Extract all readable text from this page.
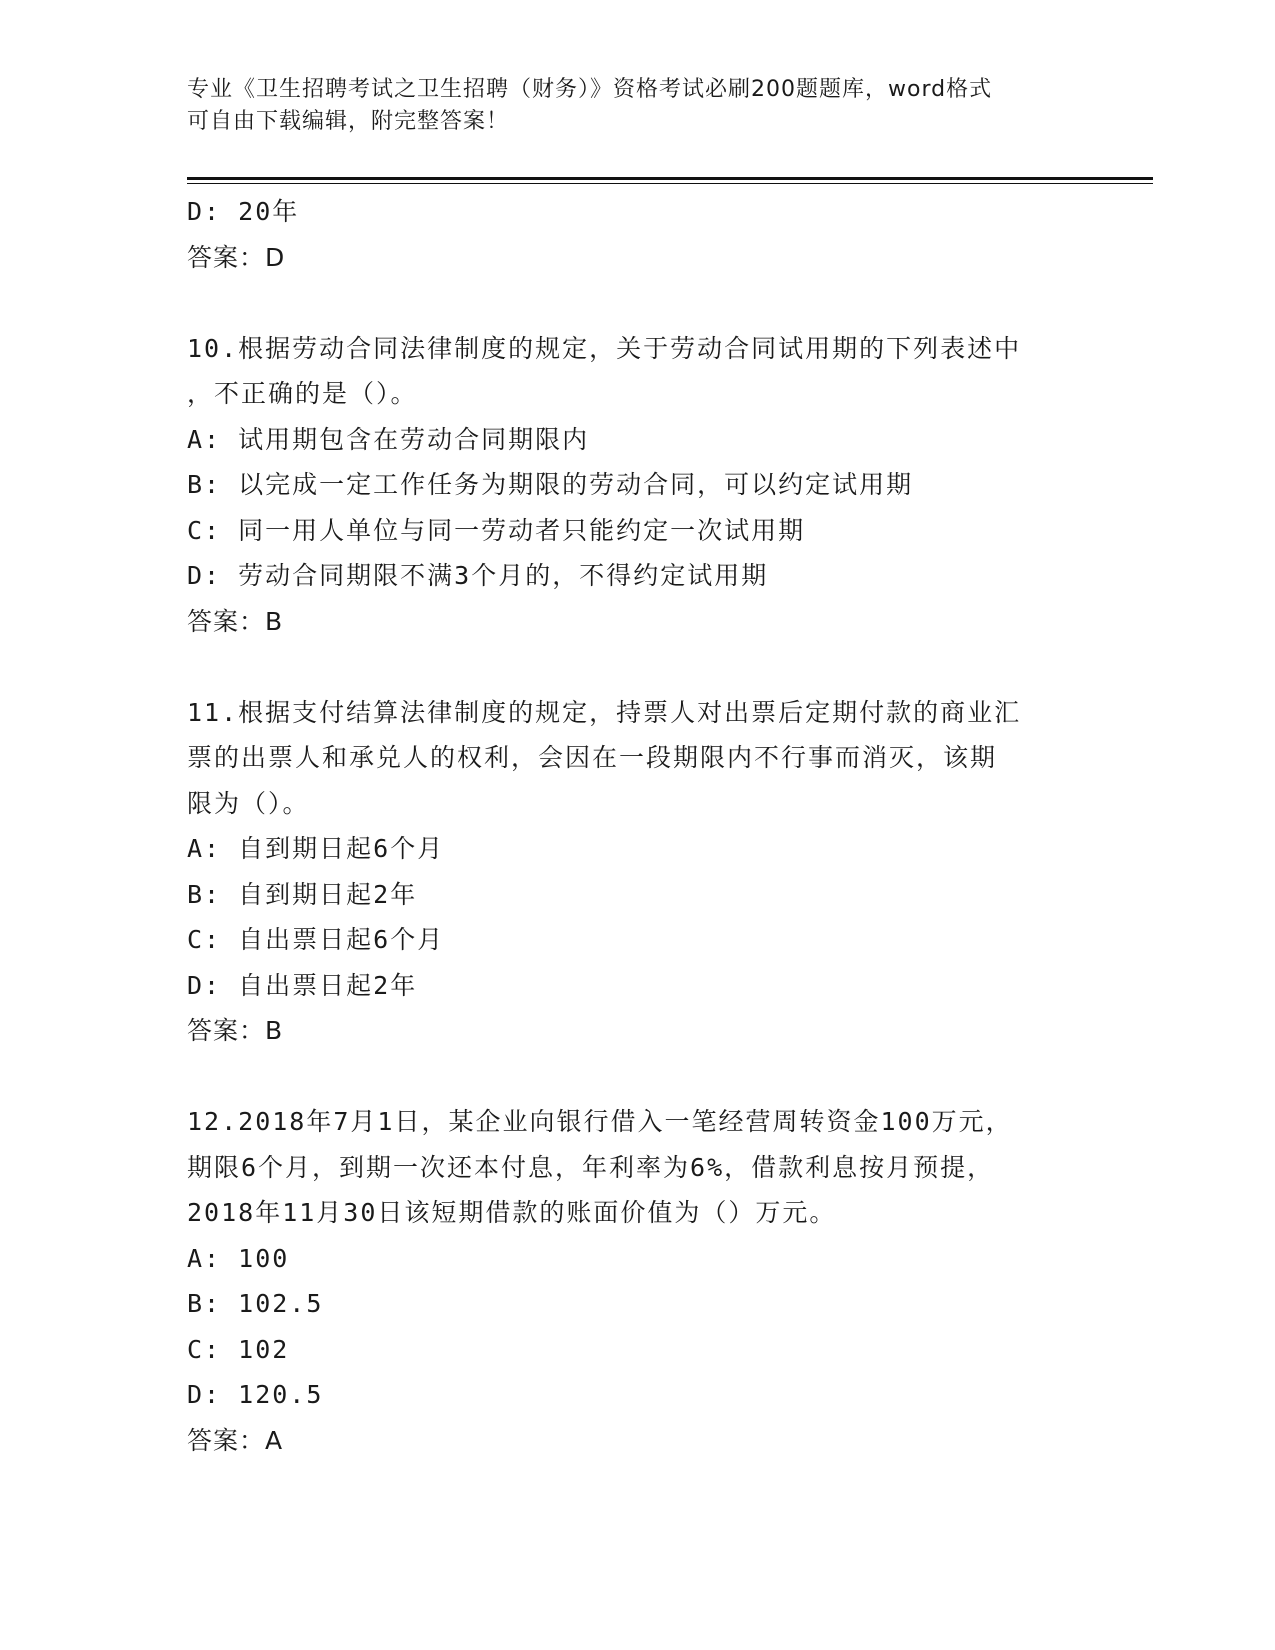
专业《卫生招聘考试之卫生招聘（财务）》资格考试必刷200题题库，word格式
可自由下载编辑，附完整答案！
D: 20年
答案：D
10.根据劳动合同法律制度的规定，关于劳动合同试用期的下列表述中
，不正确的是（）。
A: 试用期包含在劳动合同期限内
B: 以完成一定工作任务为期限的劳动合同，可以约定试用期
C: 同一用人单位与同一劳动者只能约定一次试用期
D: 劳动合同期限不满3个月的，不得约定试用期
答案：B
11.根据支付结算法律制度的规定，持票人对出票后定期付款的商业汇
票的出票人和承兑人的权利，会因在一段期限内不行事而消灭，该期
限为（）。
A: 自到期日起6个月
B: 自到期日起2年
C: 自出票日起6个月
D: 自出票日起2年
答案：B
12.2018年7月1日，某企业向银行借入一笔经营周转资金100万元，
期限6个月，到期一次还本付息，年利率为6%，借款利息按月预提，
2018年11月30日该短期借款的账面价值为（）万元。
A: 100
B: 102.5
C: 102
D: 120.5
答案：A
